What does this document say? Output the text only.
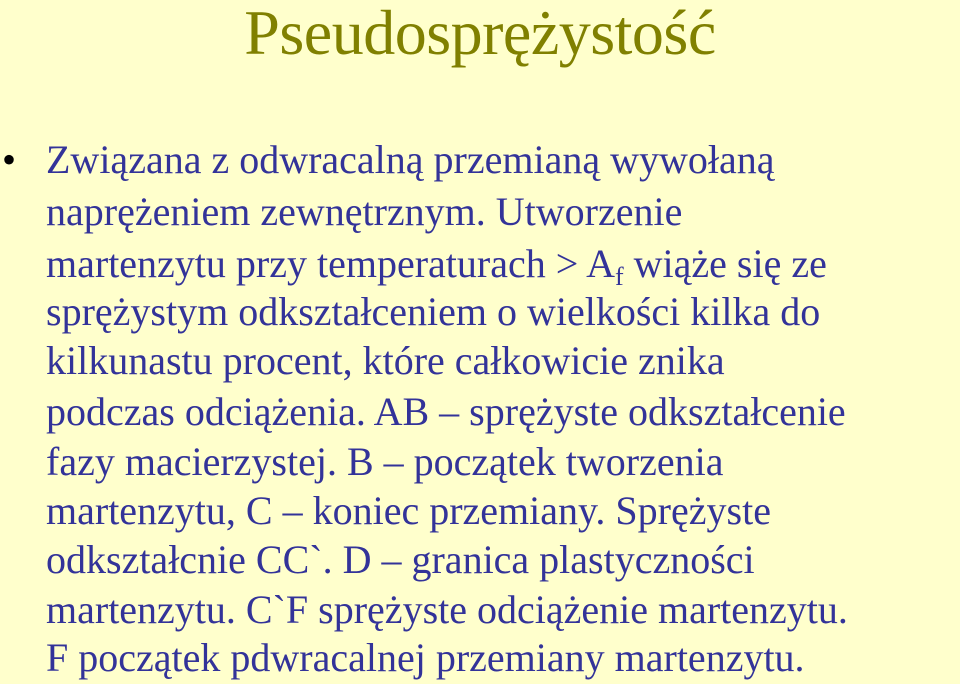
Pseudosprężystość
• Związana z odwracalną przemianą wywołaną

naprężeniem zewnętrznym. Utworzenie

martenzytu przy temperaturach > $A_f$ wiąże się ze

sprężystym odkształceniem o wielkości kilka do

kilkunastu procent, które całkowicie znika

podczas odciążenia. AB – sprężyste odkształcenie

fazy macierzystej. B – początek tworzenia

martenzytu, C – koniec przemiany. Sprężyste

odkształcnie CC`. D – granica plastyczności

martenzytu. C`F sprężyste odciążenie martenzytu.

F początek pdwracalnej przemiany martenzytu.
